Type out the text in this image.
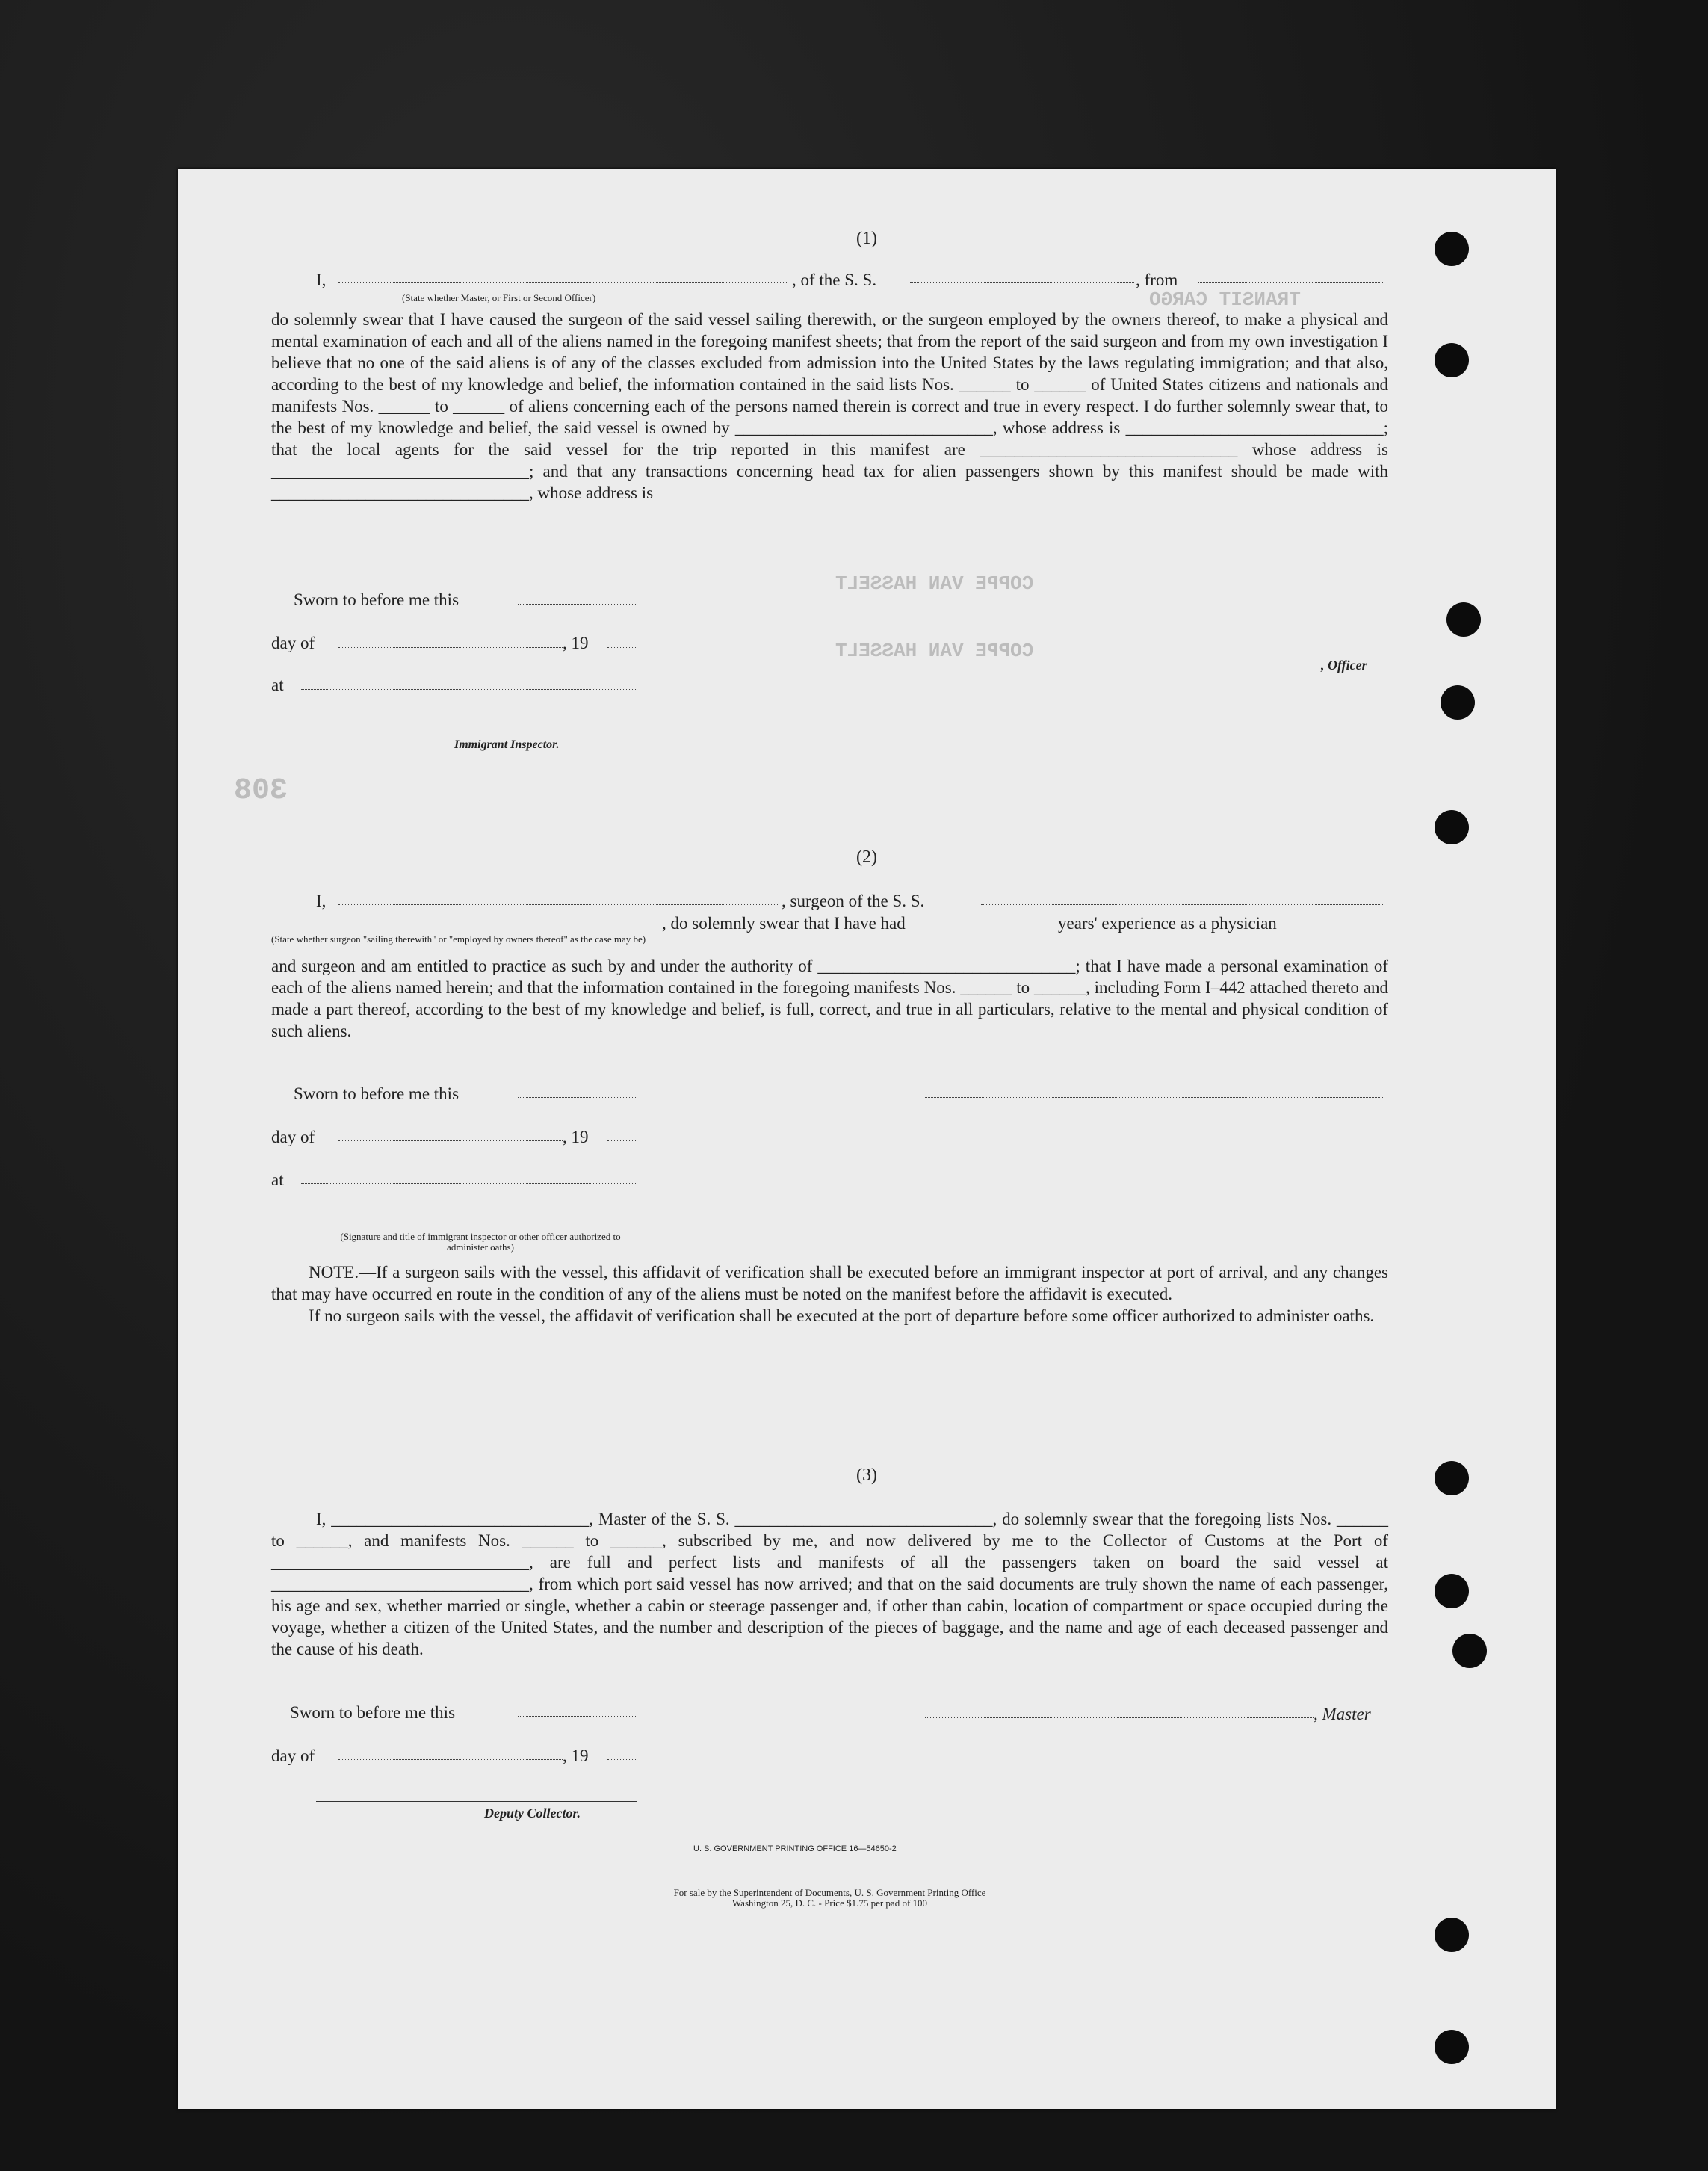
TRANSIT CARGO
COPPE VAN HASSELT
COPPE VAN HASSELT
308
(1)
I,
(State whether Master, or First or Second Officer)
, of the S. S.	, from

do solemnly swear that I have caused the surgeon of the said vessel sailing therewith, or the surgeon employed by the owners thereof, to make a physical and mental examination of each and all of the aliens named in the foregoing manifest sheets; that from the report of the said surgeon and from my own investigation I believe that no one of the said aliens is of any of the classes excluded from admission into the United States by the laws regulating immigration; and that also, according to the best of my knowledge and belief, the information contained in the said lists Nos. ______ to ______ of United States citizens and nationals and manifests Nos. ______ to ______ of aliens concerning each of the persons named therein is correct and true in every respect. I do further solemnly swear that, to the best of my knowledge and belief, the said vessel is owned by ______________________________, whose address is ______________________________; that the local agents for the said vessel for the trip reported in this manifest are ______________________________ whose address is ______________________________; and that any transactions concerning head tax for alien passengers shown by this manifest should be made with ______________________________, whose address is

Sworn to before me this
day of	, 19
at
, Officer
Immigrant Inspector.
(2)
I,	, surgeon of the S. S.
, do solemnly swear that I have had	years' experience as a physician
(State whether surgeon "sailing therewith" or "employed by owners thereof" as the case may be)

and surgeon and am entitled to practice as such by and under the authority of ______________________________; that I have made a personal examination of each of the aliens named herein; and that the information contained in the foregoing manifests Nos. ______ to ______, including Form I–442 attached thereto and made a part thereof, according to the best of my knowledge and belief, is full, correct, and true in all particulars, relative to the mental and physical condition of such aliens.

Sworn to before me this
day of	, 19
at
(Signature and title of immigrant inspector or other officer authorized to administer oaths)

NOTE.—If a surgeon sails with the vessel, this affidavit of verification shall be executed before an immigrant inspector at port of arrival, and any changes that may have occurred en route in the condition of any of the aliens must be noted on the manifest before the affidavit is executed.

If no surgeon sails with the vessel, the affidavit of verification shall be executed at the port of departure before some officer authorized to administer oaths.

(3)

I, ______________________________, Master of the S. S. ______________________________, do solemnly swear that the foregoing lists Nos. ______ to ______, and manifests Nos. ______ to ______, subscribed by me, and now delivered by me to the Collector of Customs at the Port of ______________________________, are full and perfect lists and manifests of all the passengers taken on board the said vessel at ______________________________, from which port said vessel has now arrived; and that on the said documents are truly shown the name of each passenger, his age and sex, whether married or single, whether a cabin or steerage passenger and, if other than cabin, location of compartment or space occupied during the voyage, whether a citizen of the United States, and the number and description of the pieces of baggage, and the name and age of each deceased passenger and the cause of his death.

Sworn to before me this	, Master
day of	, 19
Deputy Collector.
U. S. GOVERNMENT PRINTING OFFICE 16—54650-2
For sale by the Superintendent of Documents, U. S. Government Printing Office
Washington 25, D. C. - Price $1.75 per pad of 100
